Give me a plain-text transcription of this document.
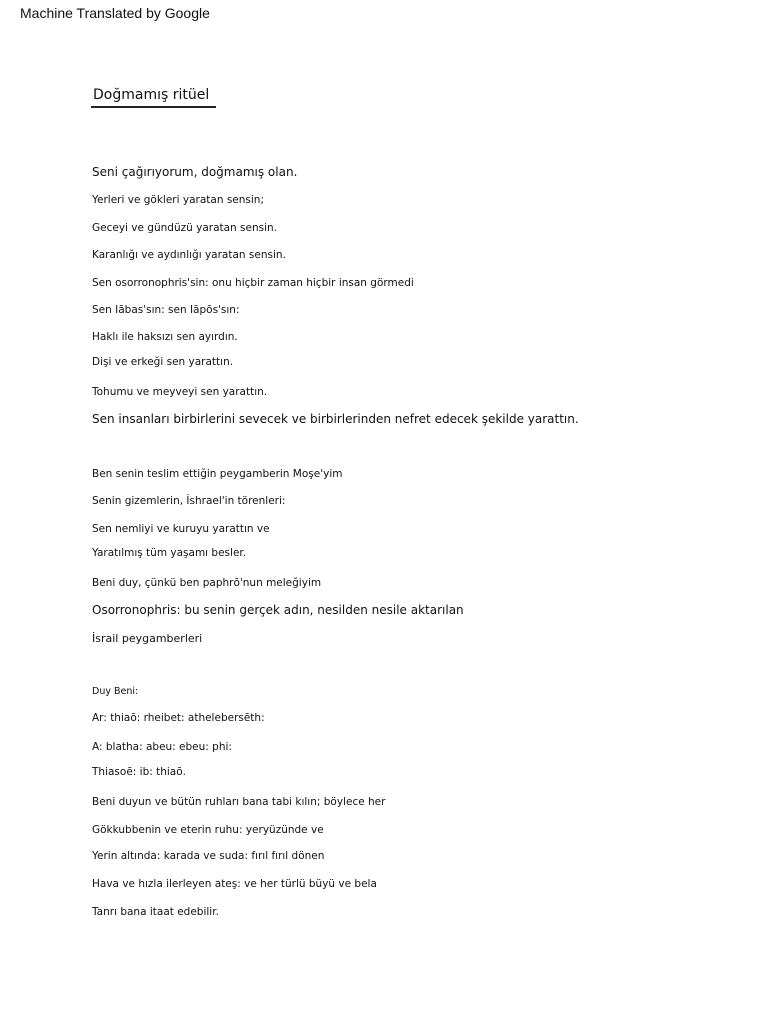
Machine Translated by Google
Doğmamış ritüel
Seni çağırıyorum, doğmamış olan.
Yerleri ve gökleri yaratan sensin;
Geceyi ve gündüzü yaratan sensin.
Karanlığı ve aydınlığı yaratan sensin.
Sen osorronophris'sin: onu hiçbir zaman hiçbir insan görmedi
Sen Iābas'sın: sen Iāpōs'sın:
Haklı ile haksızı sen ayırdın.
Dişi ve erkeği sen yarattın.
Tohumu ve meyveyi sen yarattın.
Sen insanları birbirlerini sevecek ve birbirlerinden nefret edecek şekilde yarattın.
Ben senin teslim ettiğin peygamberin Moşe'yim
Senin gizemlerin, İshrael'in törenleri:
Sen nemliyi ve kuruyu yarattın ve
Yaratılmış tüm yaşamı besler.
Beni duy, çünkü ben paphrō'nun meleğiyim
Osorronophris: bu senin gerçek adın, nesilden nesile aktarılan
İsrail peygamberleri
Duy Beni:
Ar: thiaō: rheibet: athelebersēth:
A: blatha: abeu: ebeu: phi:
Thiasoē: ib: thiaō.
Beni duyun ve bütün ruhları bana tabi kılın; böylece her
Gökkubbenin ve eterin ruhu: yeryüzünde ve
Yerin altında: karada ve suda: fırıl fırıl dönen
Hava ve hızla ilerleyen ateş: ve her türlü büyü ve bela
Tanrı bana itaat edebilir.
